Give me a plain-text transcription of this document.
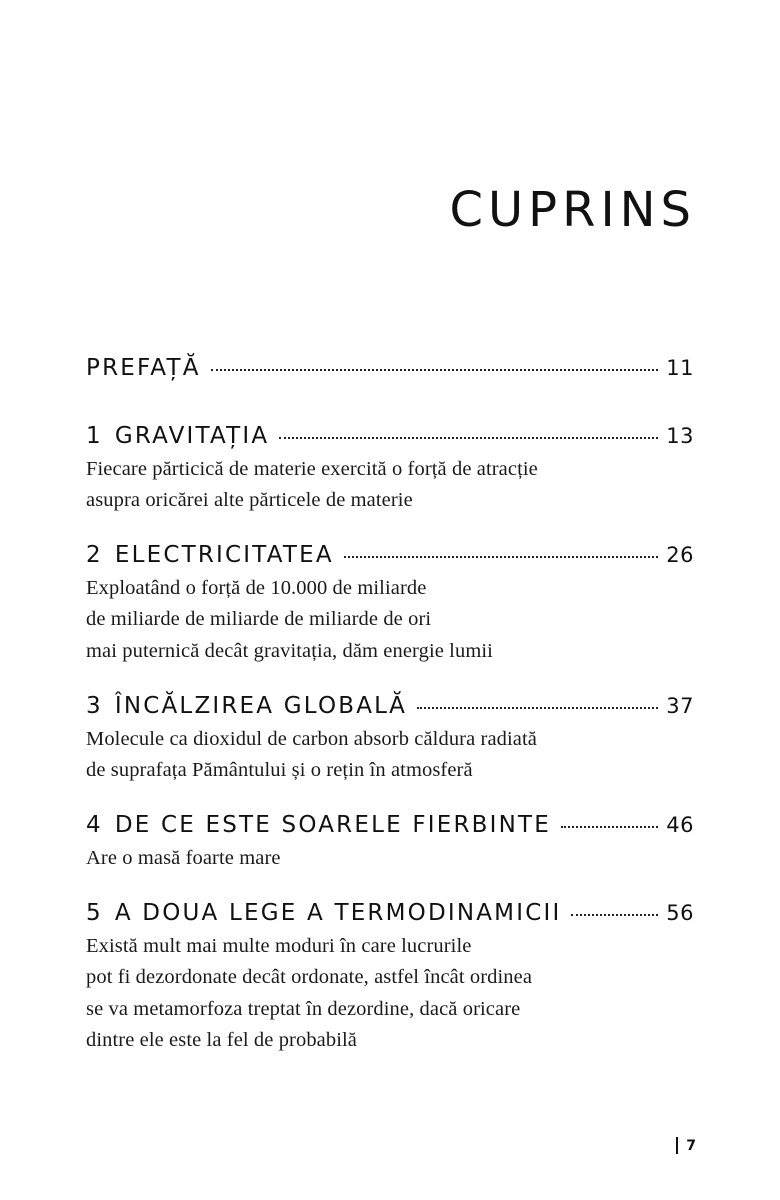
CUPRINS
PREFAȚĂ	11
1 GRAVITAȚIA	13
Fiecare părticică de materie exercită o forță de atracție
asupra oricărei alte părticele de materie
2 ELECTRICITATEA	26
Exploatând o forță de 10.000 de miliarde
de miliarde de miliarde de miliarde de ori
mai puternică decât gravitația, dăm energie lumii
3 ÎNCĂLZIREA GLOBALĂ	37
Molecule ca dioxidul de carbon absorb căldura radiată
de suprafața Pământului și o rețin în atmosferă
4 DE CE ESTE SOARELE FIERBINTE	46
Are o masă foarte mare
5 A DOUA LEGE A TERMODINAMICII	56
Există mult mai multe moduri în care lucrurile
pot fi dezordonate decât ordonate, astfel încât ordinea
se va metamorfoza treptat în dezordine, dacă oricare
dintre ele este la fel de probabilă
7
